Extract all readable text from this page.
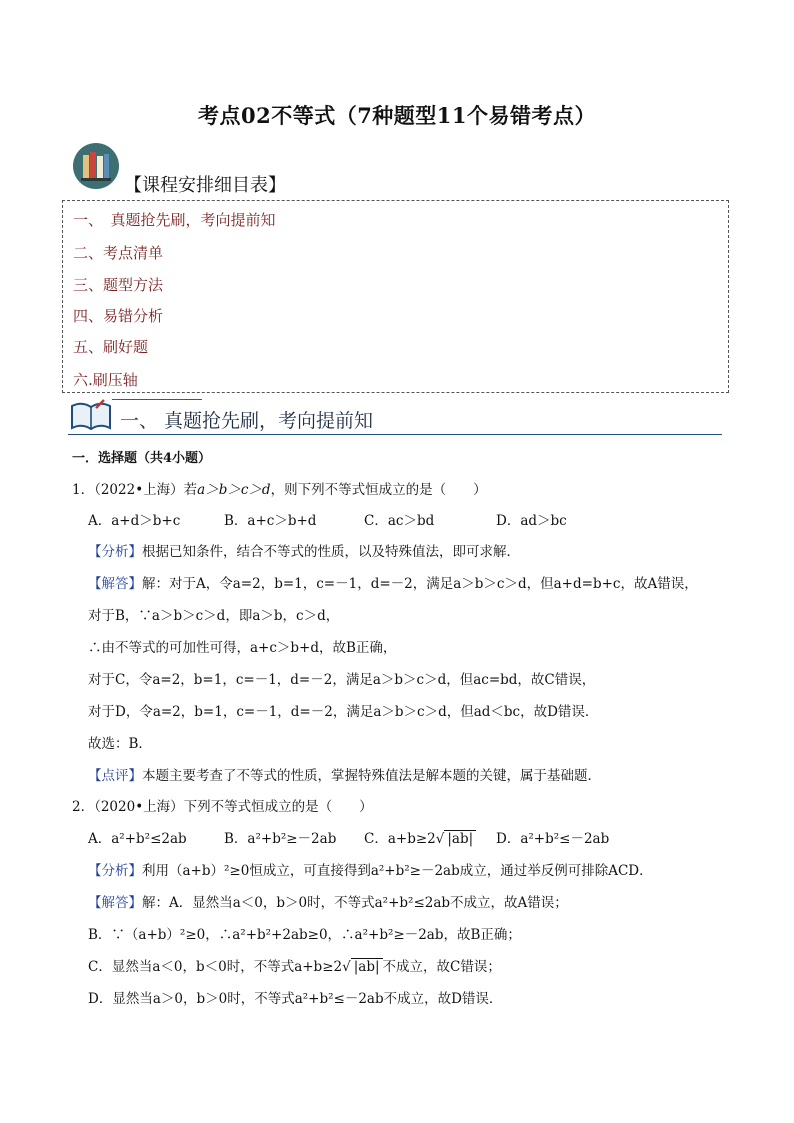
考点02不等式（7种题型11个易错考点）
【课程安排细目表】
一、　真题抢先刷，考向提前知
二、考点清单
三、题型方法
四、易错分析
五、刷好题
六.刷压轴
一、 真题抢先刷，考向提前知
一．选择题（共4小题）
1．（2022•上海）若a＞b＞c＞d，则下列不等式恒成立的是（　　）
A．a+d＞b+c	B．a+c＞b+d	C．ac＞bd	D．ad＞bc
【分析】根据已知条件，结合不等式的性质，以及特殊值法，即可求解．
【解答】解：对于A，令a=2，b=1，c=－1，d=－2，满足a＞b＞c＞d，但a+d=b+c，故A错误，
对于B，∵a＞b＞c＞d，即a＞b，c＞d，
∴由不等式的可加性可得，a+c＞b+d，故B正确，
对于C，令a=2，b=1，c=－1，d=－2，满足a＞b＞c＞d，但ac=bd，故C错误，
对于D，令a=2，b=1，c=－1，d=－2，满足a＞b＞c＞d，但ad＜bc，故D错误．
故选：B．
【点评】本题主要考查了不等式的性质，掌握特殊值法是解本题的关键，属于基础题．
2．（2020•上海）下列不等式恒成立的是（　　）
A．a²+b²≤2ab	B．a²+b²≥－2ab C．a+b≥2√ |ab| D．a²+b²≤－2ab
【分析】利用（a+b）²≥0恒成立，可直接得到a²+b²≥－2ab成立，通过举反例可排除ACD．
【解答】解：A．显然当a＜0，b＞0时，不等式a²+b²≤2ab不成立，故A错误；
B．∵（a+b）²≥0，∴a²+b²+2ab≥0，∴a²+b²≥－2ab，故B正确；
C．显然当a＜0，b＜0时，不等式a+b≥2√ |ab| 不成立，故C错误；
D．显然当a＞0，b＞0时，不等式a²+b²≤－2ab不成立，故D错误．
